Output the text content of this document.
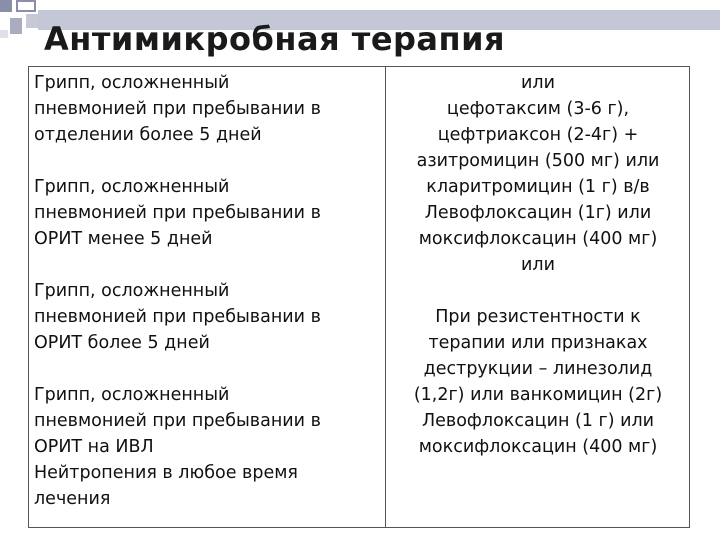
Антимикробная терапия

Грипп, осложненный

пневмонией при пребывании в

отделении более 5 дней

Грипп, осложненный

пневмонией при пребывании в

ОРИТ менее 5 дней

Грипп, осложненный

пневмонией при пребывании в

ОРИТ более 5 дней

Грипп, осложненный

пневмонией при пребывании в

ОРИТ на ИВЛ

Нейтропения в любое время

лечения

или

цефотаксим (3-6 г),

цефтриаксон (2-4г) +

азитромицин (500 мг) или

кларитромицин (1 г) в/в

Левофлоксацин (1г) или

моксифлоксацин (400 мг)

или

При резистентности к

терапии или признаках

деструкции – линезолид

(1,2г) или ванкомицин (2г)

Левофлоксацин (1 г) или

моксифлоксацин (400 мг)
